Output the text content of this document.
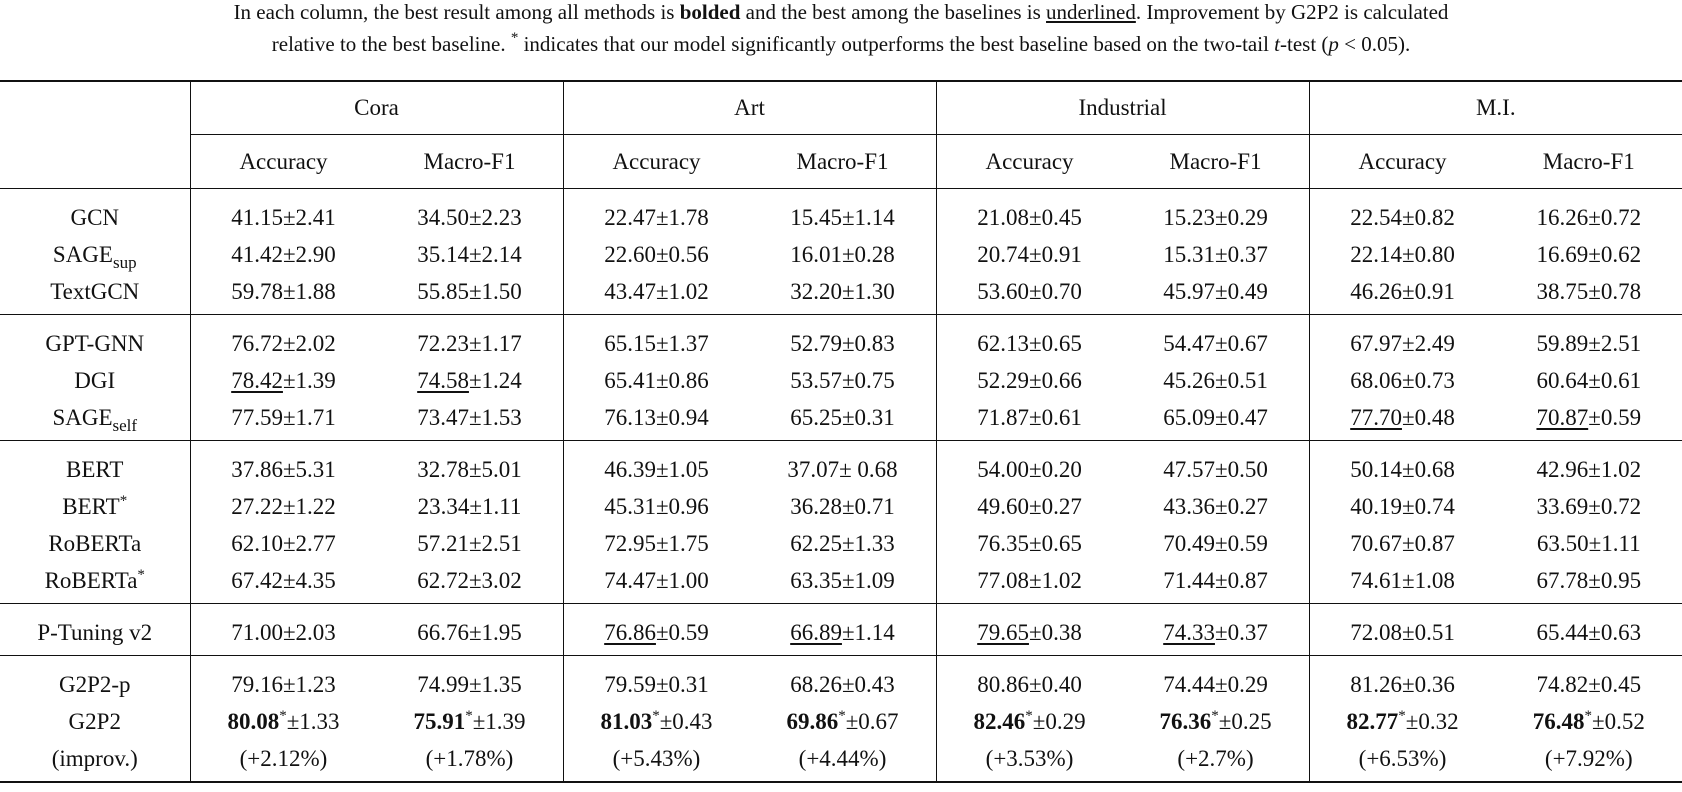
In each column, the best result among all methods is bolded and the best among the baselines is underlined. Improvement by G2P2 is calculated
relative to the best baseline. * indicates that our model significantly outperforms the best baseline based on the two-tail t-test (p < 0.05).
	Cora		Art		Industrial		M.I.	
	Accuracy	Macro-F1	Accuracy	Macro-F1	Accuracy	Macro-F1	Accuracy	Macro-F1
GCN	41.15±2.41	34.50±2.23	22.47±1.78	15.45±1.14	21.08±0.45	15.23±0.29	22.54±0.82	16.26±0.72
$SAGE_{sup}$	41.42±2.90	35.14±2.14	22.60±0.56	16.01±0.28	20.74±0.91	15.31±0.37	22.14±0.80	16.69±0.62
TextGCN	59.78±1.88	55.85±1.50	43.47±1.02	32.20±1.30	53.60±0.70	45.97±0.49	46.26±0.91	38.75±0.78
GPT-GNN	76.72±2.02	72.23±1.17	65.15±1.37	52.79±0.83	62.13±0.65	54.47±0.67	67.97±2.49	59.89±2.51
DGI	78.42±1.39	74.58±1.24	65.41±0.86	53.57±0.75	52.29±0.66	45.26±0.51	68.06±0.73	60.64±0.61
$SAGE_{self}$	77.59±1.71	73.47±1.53	76.13±0.94	65.25±0.31	71.87±0.61	65.09±0.47	77.70±0.48	70.87±0.59
BERT	37.86±5.31	32.78±5.01	46.39±1.05	37.07± 0.68	54.00±0.20	47.57±0.50	50.14±0.68	42.96±1.02
BERT*	27.22±1.22	23.34±1.11	45.31±0.96	36.28±0.71	49.60±0.27	43.36±0.27	40.19±0.74	33.69±0.72
RoBERTa	62.10±2.77	57.21±2.51	72.95±1.75	62.25±1.33	76.35±0.65	70.49±0.59	70.67±0.87	63.50±1.11
RoBERTa*	67.42±4.35	62.72±3.02	74.47±1.00	63.35±1.09	77.08±1.02	71.44±0.87	74.61±1.08	67.78±0.95
P-Tuning v2	71.00±2.03	66.76±1.95	76.86±0.59	66.89±1.14	79.65±0.38	74.33±0.37	72.08±0.51	65.44±0.63
G2P2-p	79.16±1.23	74.99±1.35	79.59±0.31	68.26±0.43	80.86±0.40	74.44±0.29	81.26±0.36	74.82±0.45
G2P2	80.08*±1.33	75.91*±1.39	81.03*±0.43	69.86*±0.67	82.46*±0.29	76.36*±0.25	82.77*±0.32	76.48*±0.52
(improv.)	(+2.12%)	(+1.78%)	(+5.43%)	(+4.44%)	(+3.53%)	(+2.7%)	(+6.53%)	(+7.92%)
